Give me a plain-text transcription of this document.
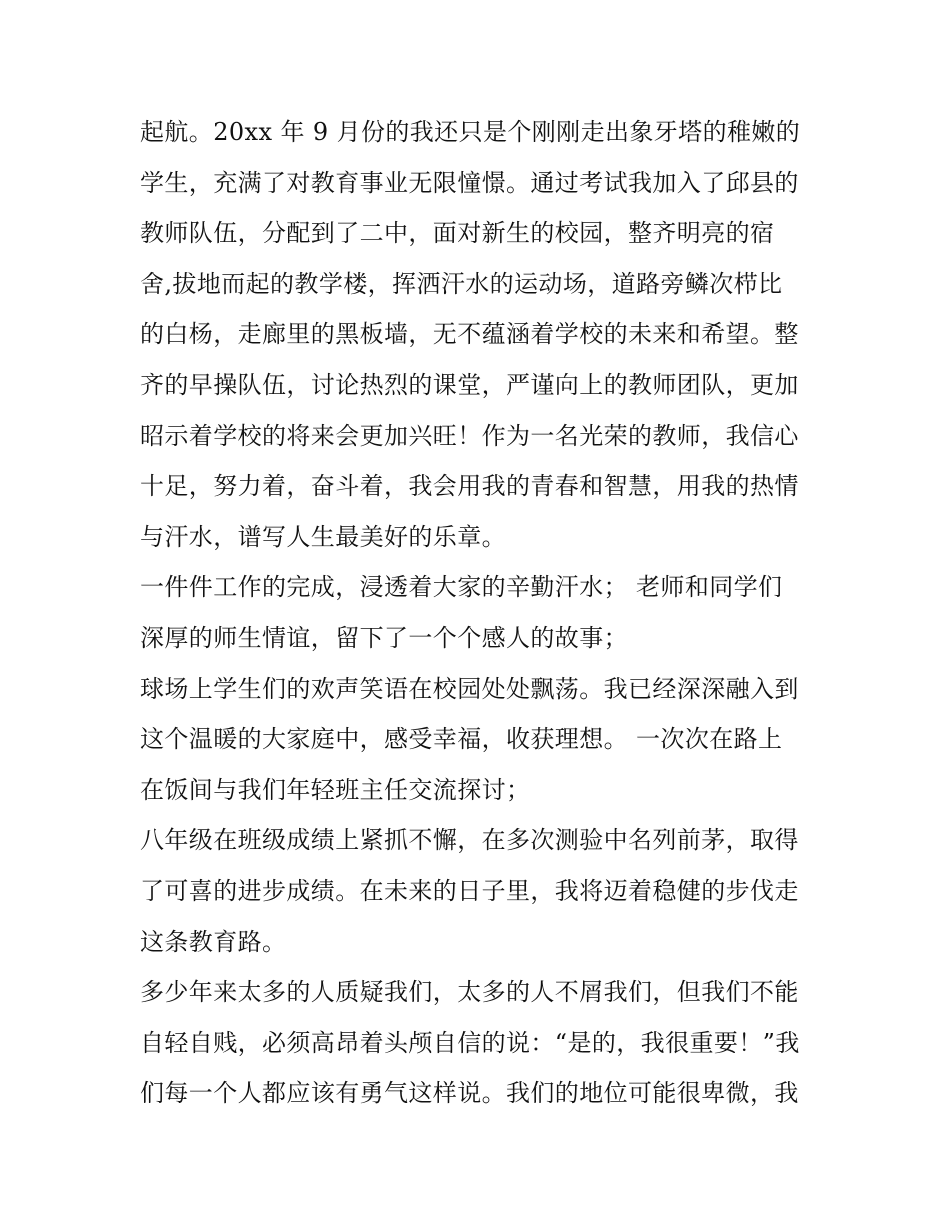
起航。20xx 年 9 月份的我还只是个刚刚走出象牙塔的稚嫩的
学生，充满了对教育事业无限憧憬。通过考试我加入了邱县的
教师队伍，分配到了二中，面对新生的校园，整齐明亮的宿
舍,拔地而起的教学楼，挥洒汗水的运动场，道路旁鳞次栉比
的白杨，走廊里的黑板墙，无不蕴涵着学校的未来和希望。整
齐的早操队伍，讨论热烈的课堂，严谨向上的教师团队，更加
昭示着学校的将来会更加兴旺！作为一名光荣的教师，我信心
十足，努力着，奋斗着，我会用我的青春和智慧，用我的热情
与汗水，谱写人生最美好的乐章。
一件件工作的完成，浸透着大家的辛勤汗水； 老师和同学们
深厚的师生情谊，留下了一个个感人的故事；
球场上学生们的欢声笑语在校园处处飘荡。我已经深深融入到
这个温暖的大家庭中，感受幸福，收获理想。 一次次在路上
在饭间与我们年轻班主任交流探讨；
八年级在班级成绩上紧抓不懈，在多次测验中名列前茅，取得
了可喜的进步成绩。在未来的日子里，我将迈着稳健的步伐走
这条教育路。
多少年来太多的人质疑我们，太多的人不屑我们，但我们不能
自轻自贱，必须高昂着头颅自信的说：“是的，我很重要！”我
们每一个人都应该有勇气这样说。我们的地位可能很卑微，我
